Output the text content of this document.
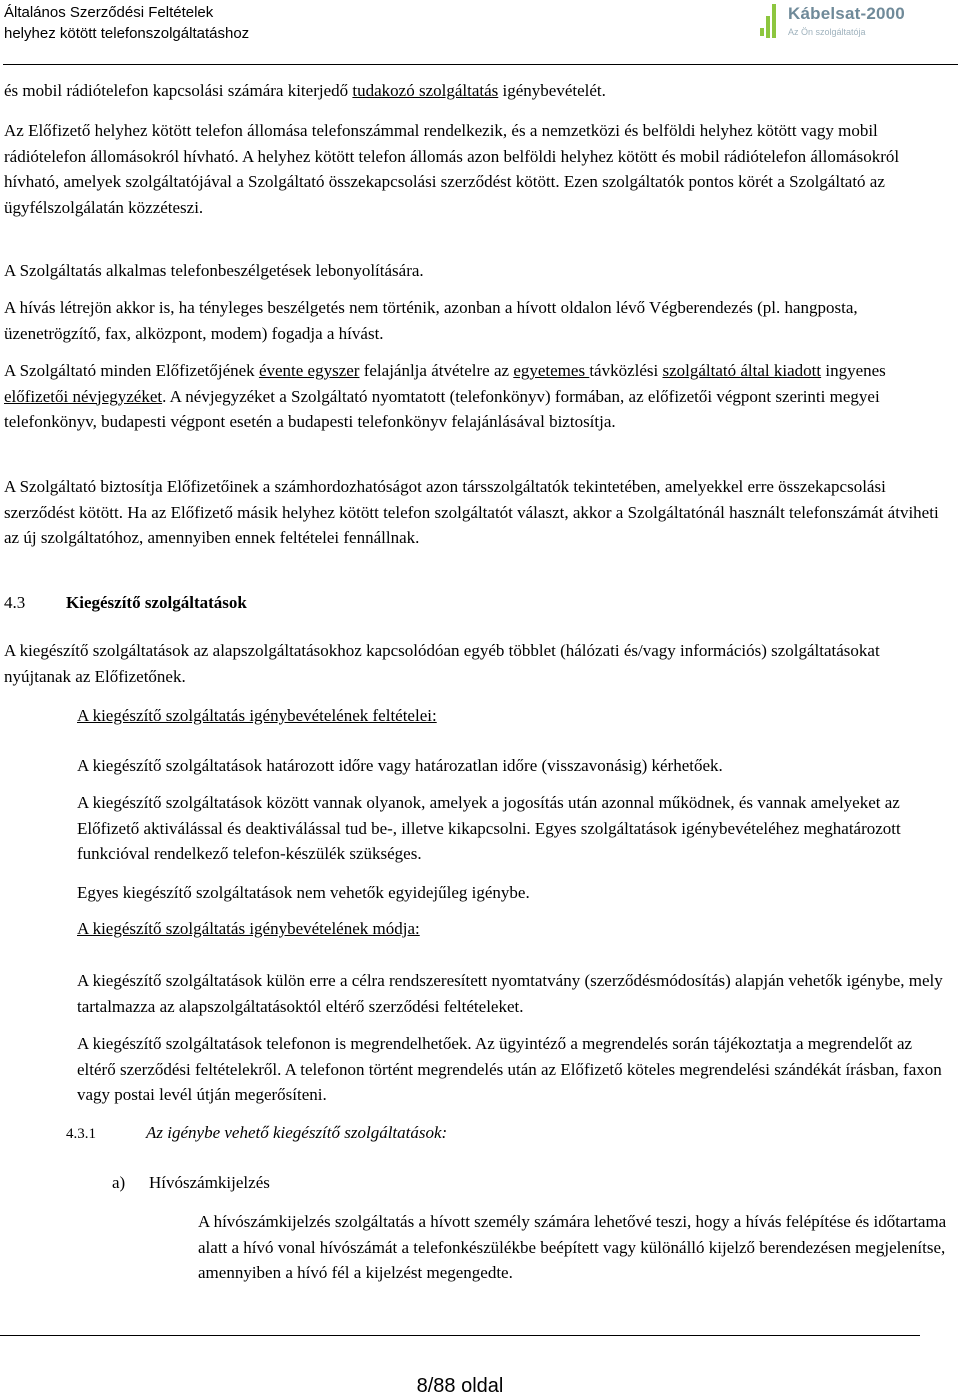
Általános Szerződési Feltételek
helyhez kötött telefonszolgáltatáshoz
Kábelsat-2000
Az Ön szolgáltatója

és mobil rádiótelefon kapcsolási számára kiterjedő tudakozó szolgáltatás igénybevételét.

Az Előfizető helyhez kötött telefon állomása telefonszámmal rendelkezik, és a nemzetközi és belföldi helyhez kötött vagy mobil rádiótelefon állomásokról hívható. A helyhez kötött telefon állomás azon belföldi helyhez kötött és mobil rádiótelefon állomásokról hívható, amelyek szolgáltatójával a Szolgáltató összekapcsolási szerződést kötött. Ezen szolgáltatók pontos körét a Szolgáltató az ügyfélszolgálatán közzéteszi.

A Szolgáltatás alkalmas telefonbeszélgetések lebonyolítására.

A hívás létrejön akkor is, ha tényleges beszélgetés nem történik, azonban a hívott oldalon lévő Végberendezés (pl. hangposta, üzenetrögzítő, fax, alközpont, modem) fogadja a hívást.

A Szolgáltató minden Előfizetőjének évente egyszer felajánlja átvételre az egyetemes távközlési szolgáltató által kiadott ingyenes előfizetői névjegyzéket. A névjegyzéket a Szolgáltató nyomtatott (telefonkönyv) formában, az előfizetői végpont szerinti megyei telefonkönyv, budapesti végpont esetén a budapesti telefonkönyv felajánlásával biztosítja.

A Szolgáltató biztosítja Előfizetőinek a számhordozhatóságot azon társszolgáltatók tekintetében, amelyekkel erre összekapcsolási szerződést kötött. Ha az Előfizető másik helyhez kötött telefon szolgáltatót választ, akkor a Szolgáltatónál használt telefonszámát átviheti az új szolgáltatóhoz, amennyiben ennek feltételei fennállnak.

4.3 Kiegészítő szolgáltatások

A kiegészítő szolgáltatások az alapszolgáltatásokhoz kapcsolódóan egyéb többlet (hálózati és/vagy információs) szolgáltatásokat nyújtanak az Előfizetőnek.

A kiegészítő szolgáltatás igénybevételének feltételei:

A kiegészítő szolgáltatások határozott időre vagy határozatlan időre (visszavonásig) kérhetőek.

A kiegészítő szolgáltatások között vannak olyanok, amelyek a jogosítás után azonnal működnek, és vannak amelyeket az Előfizető aktiválással és deaktiválással tud be-, illetve kikapcsolni. Egyes szolgáltatások igénybevételéhez meghatározott funkcióval rendelkező telefon-készülék szükséges.

Egyes kiegészítő szolgáltatások nem vehetők egyidejűleg igénybe.

A kiegészítő szolgáltatás igénybevételének módja:

A kiegészítő szolgáltatások külön erre a célra rendszeresített nyomtatvány (szerződésmódosítás) alapján vehetők igénybe, mely tartalmazza az alapszolgáltatásoktól eltérő szerződési feltételeket.

A kiegészítő szolgáltatások telefonon is megrendelhetőek. Az ügyintéző a megrendelés során tájékoztatja a megrendelőt az eltérő szerződési feltételekről. A telefonon történt megrendelés után az Előfizető köteles megrendelési szándékát írásban, faxon vagy postai levél útján megerősíteni.

4.3.1	Az igénybe vehető kiegészítő szolgáltatások:
a) Hívószámkijelzés

A hívószámkijelzés szolgáltatás a hívott személy számára lehetővé teszi, hogy a hívás felépítése és időtartama alatt a hívó vonal hívószámát a telefonkészülékbe beépített vagy különálló kijelző berendezésen megjelenítse, amennyiben a hívó fél a kijelzést megengedte.

8/88 oldal
